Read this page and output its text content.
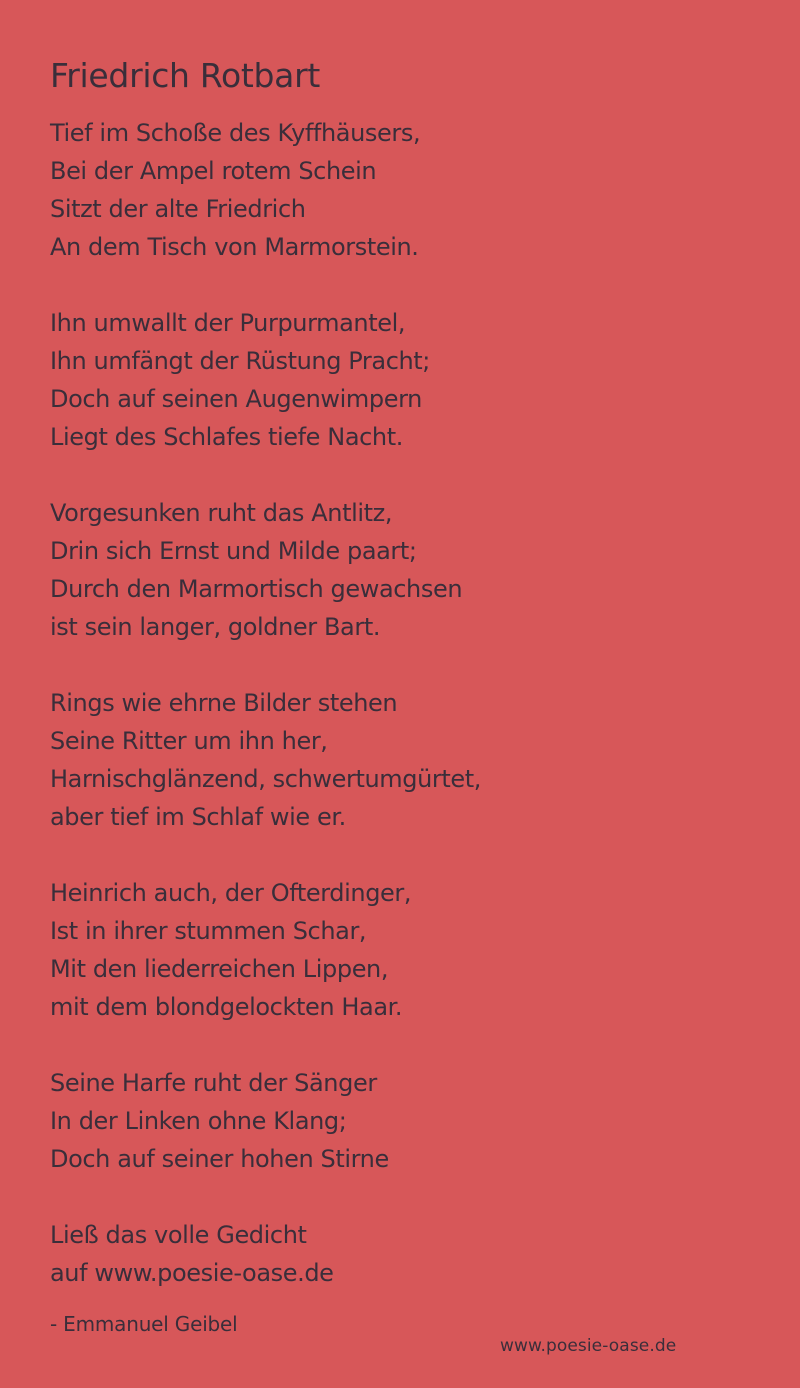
Friedrich Rotbart
Tief im Schoße des Kyffhäusers,
Bei der Ampel rotem Schein
Sitzt der alte Friedrich
An dem Tisch von Marmorstein.
Ihn umwallt der Purpurmantel,
Ihn umfängt der Rüstung Pracht;
Doch auf seinen Augenwimpern
Liegt des Schlafes tiefe Nacht.
Vorgesunken ruht das Antlitz,
Drin sich Ernst und Milde paart;
Durch den Marmortisch gewachsen
ist sein langer, goldner Bart.
Rings wie ehrne Bilder stehen
Seine Ritter um ihn her,
Harnischglänzend, schwertumgürtet,
aber tief im Schlaf wie er.
Heinrich auch, der Ofterdinger,
Ist in ihrer stummen Schar,
Mit den liederreichen Lippen,
mit dem blondgelockten Haar.
Seine Harfe ruht der Sänger
In der Linken ohne Klang;
Doch auf seiner hohen Stirne
Ließ das volle Gedicht
auf www.poesie-oase.de
- Emmanuel Geibel
www.poesie-oase.de
